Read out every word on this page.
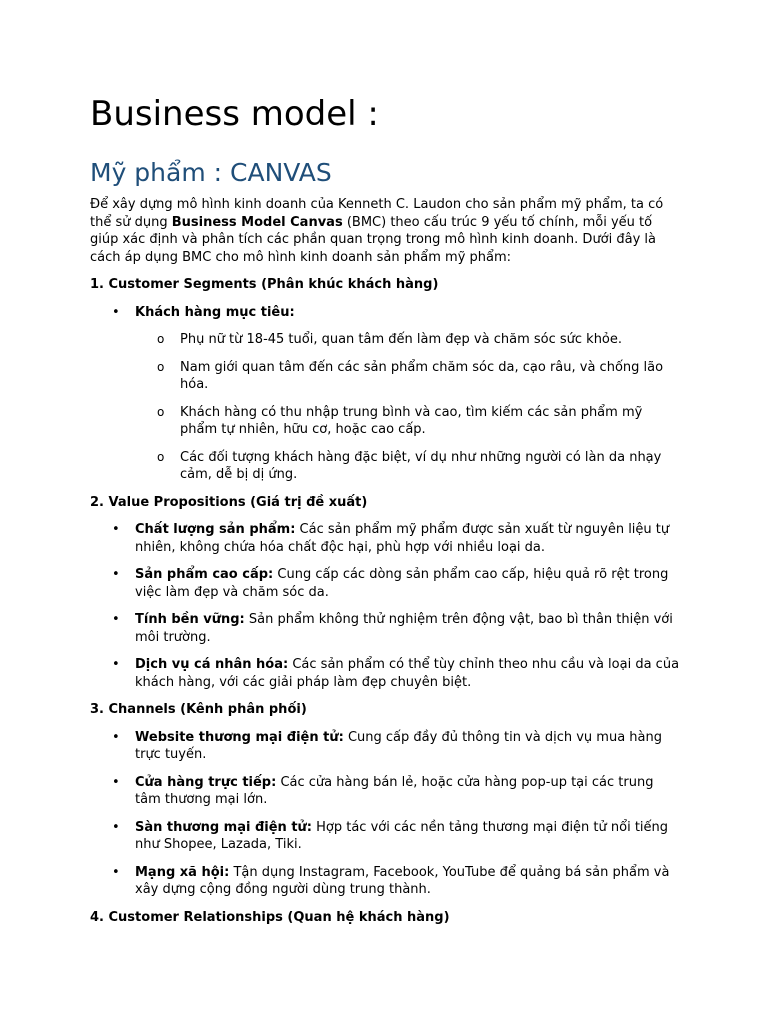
Business model :
Mỹ phẩm : CANVAS

Để xây dựng mô hình kinh doanh của Kenneth C. Laudon cho sản phẩm mỹ phẩm, ta có thể sử dụng Business Model Canvas (BMC) theo cấu trúc 9 yếu tố chính, mỗi yếu tố giúp xác định và phân tích các phần quan trọng trong mô hình kinh doanh. Dưới đây là cách áp dụng BMC cho mô hình kinh doanh sản phẩm mỹ phẩm:

1. Customer Segments (Phân khúc khách hàng)

• Khách hàng mục tiêu:
o Phụ nữ từ 18-45 tuổi, quan tâm đến làm đẹp và chăm sóc sức khỏe.
o Nam giới quan tâm đến các sản phẩm chăm sóc da, cạo râu, và chống lão hóa.
o Khách hàng có thu nhập trung bình và cao, tìm kiếm các sản phẩm mỹ phẩm tự nhiên, hữu cơ, hoặc cao cấp.
o Các đối tượng khách hàng đặc biệt, ví dụ như những người có làn da nhạy cảm, dễ bị dị ứng.

2. Value Propositions (Giá trị đề xuất)

• Chất lượng sản phẩm: Các sản phẩm mỹ phẩm được sản xuất từ nguyên liệu tự nhiên, không chứa hóa chất độc hại, phù hợp với nhiều loại da.
• Sản phẩm cao cấp: Cung cấp các dòng sản phẩm cao cấp, hiệu quả rõ rệt trong việc làm đẹp và chăm sóc da.
• Tính bền vững: Sản phẩm không thử nghiệm trên động vật, bao bì thân thiện với môi trường.
• Dịch vụ cá nhân hóa: Các sản phẩm có thể tùy chỉnh theo nhu cầu và loại da của khách hàng, với các giải pháp làm đẹp chuyên biệt.

3. Channels (Kênh phân phối)

• Website thương mại điện tử: Cung cấp đầy đủ thông tin và dịch vụ mua hàng trực tuyến.
• Cửa hàng trực tiếp: Các cửa hàng bán lẻ, hoặc cửa hàng pop-up tại các trung tâm thương mại lớn.
• Sàn thương mại điện tử: Hợp tác với các nền tảng thương mại điện tử nổi tiếng như Shopee, Lazada, Tiki.
• Mạng xã hội: Tận dụng Instagram, Facebook, YouTube để quảng bá sản phẩm và xây dựng cộng đồng người dùng trung thành.

4. Customer Relationships (Quan hệ khách hàng)
